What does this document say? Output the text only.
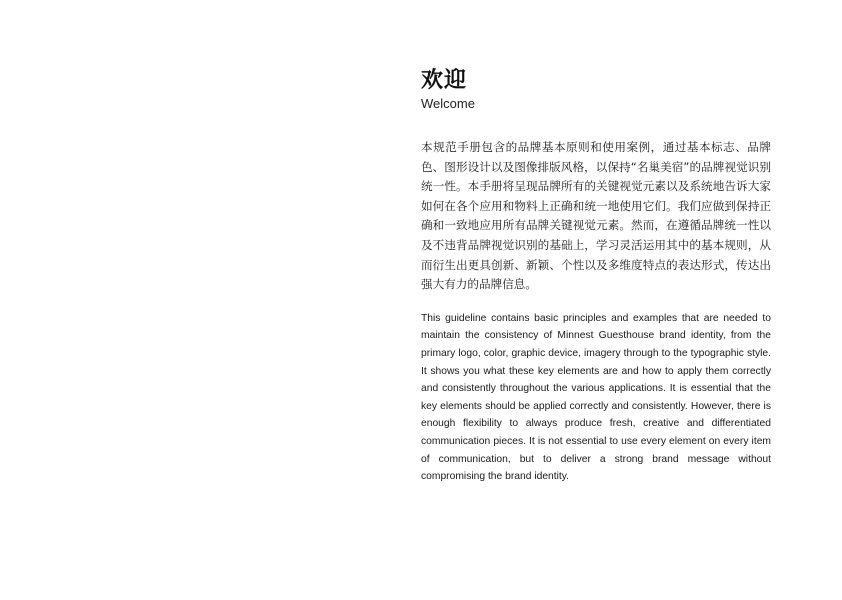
欢迎

Welcome

本规范手册包含的品牌基本原则和使用案例，通过基本标志、品牌色、图形设计以及图像排版风格，以保持“名巢美宿”的品牌视觉识别统一性。本手册将呈现品牌所有的关键视觉元素以及系统地告诉大家如何在各个应用和物料上正确和统一地使用它们。我们应做到保持正确和一致地应用所有品牌关键视觉元素。然而，在遵循品牌统一性以及不违背品牌视觉识别的基础上，学习灵活运用其中的基本规则，从而衍生出更具创新、新颖、个性以及多维度特点的表达形式，传达出强大有力的品牌信息。

This guideline contains basic principles and examples that are needed to maintain the consistency of Minnest Guesthouse brand identity, from the primary logo, color, graphic device, imagery through to the typographic style. It shows you what these key elements are and how to apply them correctly and consistently throughout the various applications. It is essential that the key elements should be applied correctly and consistently. However, there is enough flexibility to always produce fresh, creative and differentiated communication pieces. It is not essential to use every element on every item of communication, but to deliver a strong brand message without compromising the brand identity.
